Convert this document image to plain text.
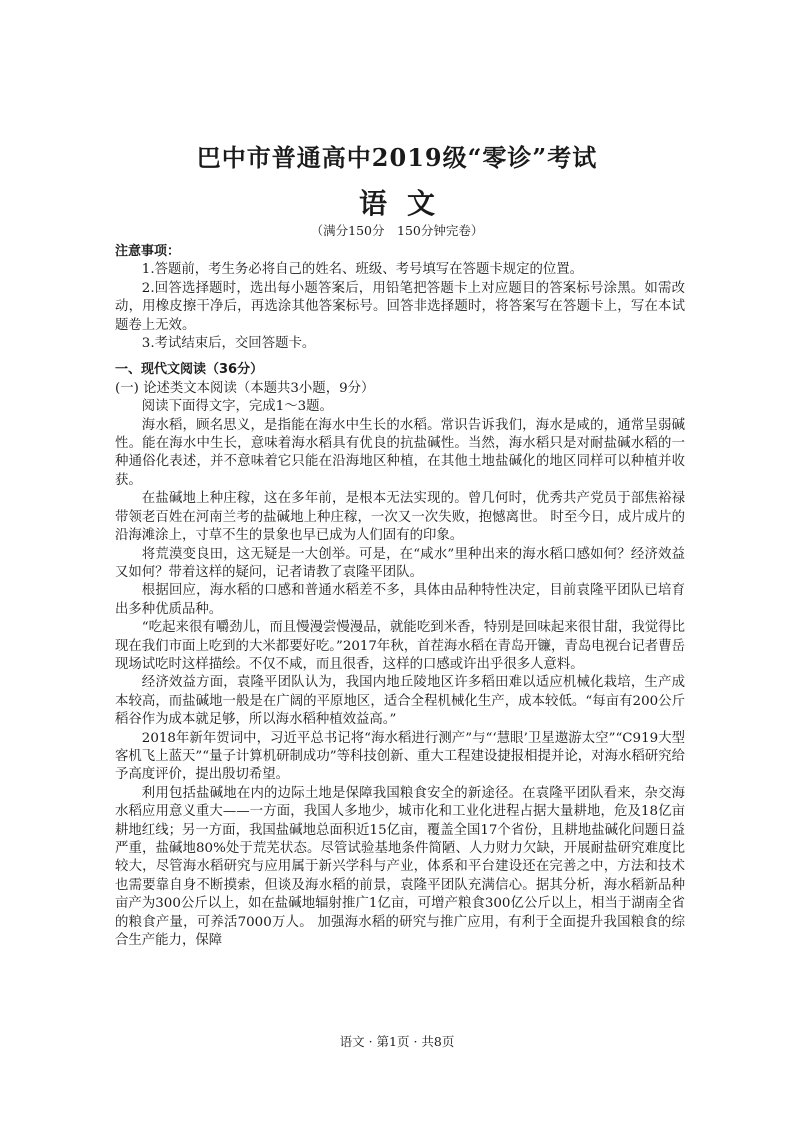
巴中市普通高中2019级“零诊”考试
语文
（满分150分　150分钟完卷）

注意事项：

1.答题前，考生务必将自己的姓名、班级、考号填写在答题卡规定的位置。

2.回答选择题时，选出每小题答案后，用铅笔把答题卡上对应题目的答案标号涂黑。如需改动，用橡皮擦干净后，再选涂其他答案标号。回答非选择题时，将答案写在答题卡上，写在本试题卷上无效。

3.考试结束后，交回答题卡。

一、现代文阅读（36分）

(一) 论述类文本阅读（本题共3小题，9分）

阅读下面得文字，完成1～3题。

海水稻，顾名思义，是指能在海水中生长的水稻。常识告诉我们，海水是咸的，通常呈弱碱性。能在海水中生长，意味着海水稻具有优良的抗盐碱性。当然，海水稻只是对耐盐碱水稻的一种通俗化表述，并不意味着它只能在沿海地区种植，在其他土地盐碱化的地区同样可以种植并收获。

在盐碱地上种庄稼，这在多年前，是根本无法实现的。曾几何时，优秀共产党员于部焦裕禄带领老百姓在河南兰考的盐碱地上种庄稼，一次又一次失败，抱憾离世。 时至今日，成片成片的沿海滩涂上，寸草不生的景象也早已成为人们固有的印象。

将荒漠变良田，这无疑是一大创举。可是，在“咸水”里种出来的海水稻口感如何？经济效益又如何？带着这样的疑问，记者请教了袁隆平团队。

根据回应，海水稻的口感和普通水稻差不多，具体由品种特性决定，目前袁隆平团队已培育出多种优质品种。

“吃起来很有嚼劲儿，而且慢漫尝慢漫品，就能吃到米香，特别是回味起来很甘甜，我觉得比现在我们市面上吃到的大米都要好吃。”2017年秋，首茬海水稻在青岛开镰，青岛电视台记者曹岳现场试吃时这样描绘。不仅不咸，而且很香，这样的口感或许出乎很多人意料。

经济效益方面，袁隆平团队认为，我国内地丘陵地区许多稻田难以适应机械化栽培，生产成本较高，而盐碱地一般是在广阔的平原地区，适合全程机械化生产，成本较低。“每亩有200公斤稻谷作为成本就足够，所以海水稻种植效益高。”

2018年新年贺词中，习近平总书记将“海水稻进行测产”与“‘慧眼’卫星遨游太空”“C919大型客机飞上蓝天”“量子计算机研制成功”等科技创新、重大工程建设捷报相提并论，对海水稻研究给予高度评价，提出殷切希望。

利用包括盐碱地在内的边际土地是保障我国粮食安全的新途径。在袁隆平团队看来，杂交海水稻应用意义重大——一方面，我国人多地少，城市化和工业化进程占据大量耕地，危及18亿亩耕地红线；另一方面，我国盐碱地总面积近15亿亩，覆盖全国17个省份，且耕地盐碱化问题日益严重，盐碱地80%处于荒芜状态。尽管试验基地条件简陋、人力财力欠缺，开展耐盐研究难度比较大，尽管海水稻研究与应用属于新兴学科与产业，体系和平台建设还在完善之中，方法和技术也需要靠自身不断摸索，但谈及海水稻的前景，袁隆平团队充满信心。据其分析，海水稻新品种亩产为300公斤以上，如在盐碱地辐射推广1亿亩，可增产粮食300亿公斤以上，相当于湖南全省的粮食产量，可养活7000万人。 加强海水稻的研究与推广应用，有利于全面提升我国粮食的综合生产能力，保障

语文 · 第1页 · 共8页
